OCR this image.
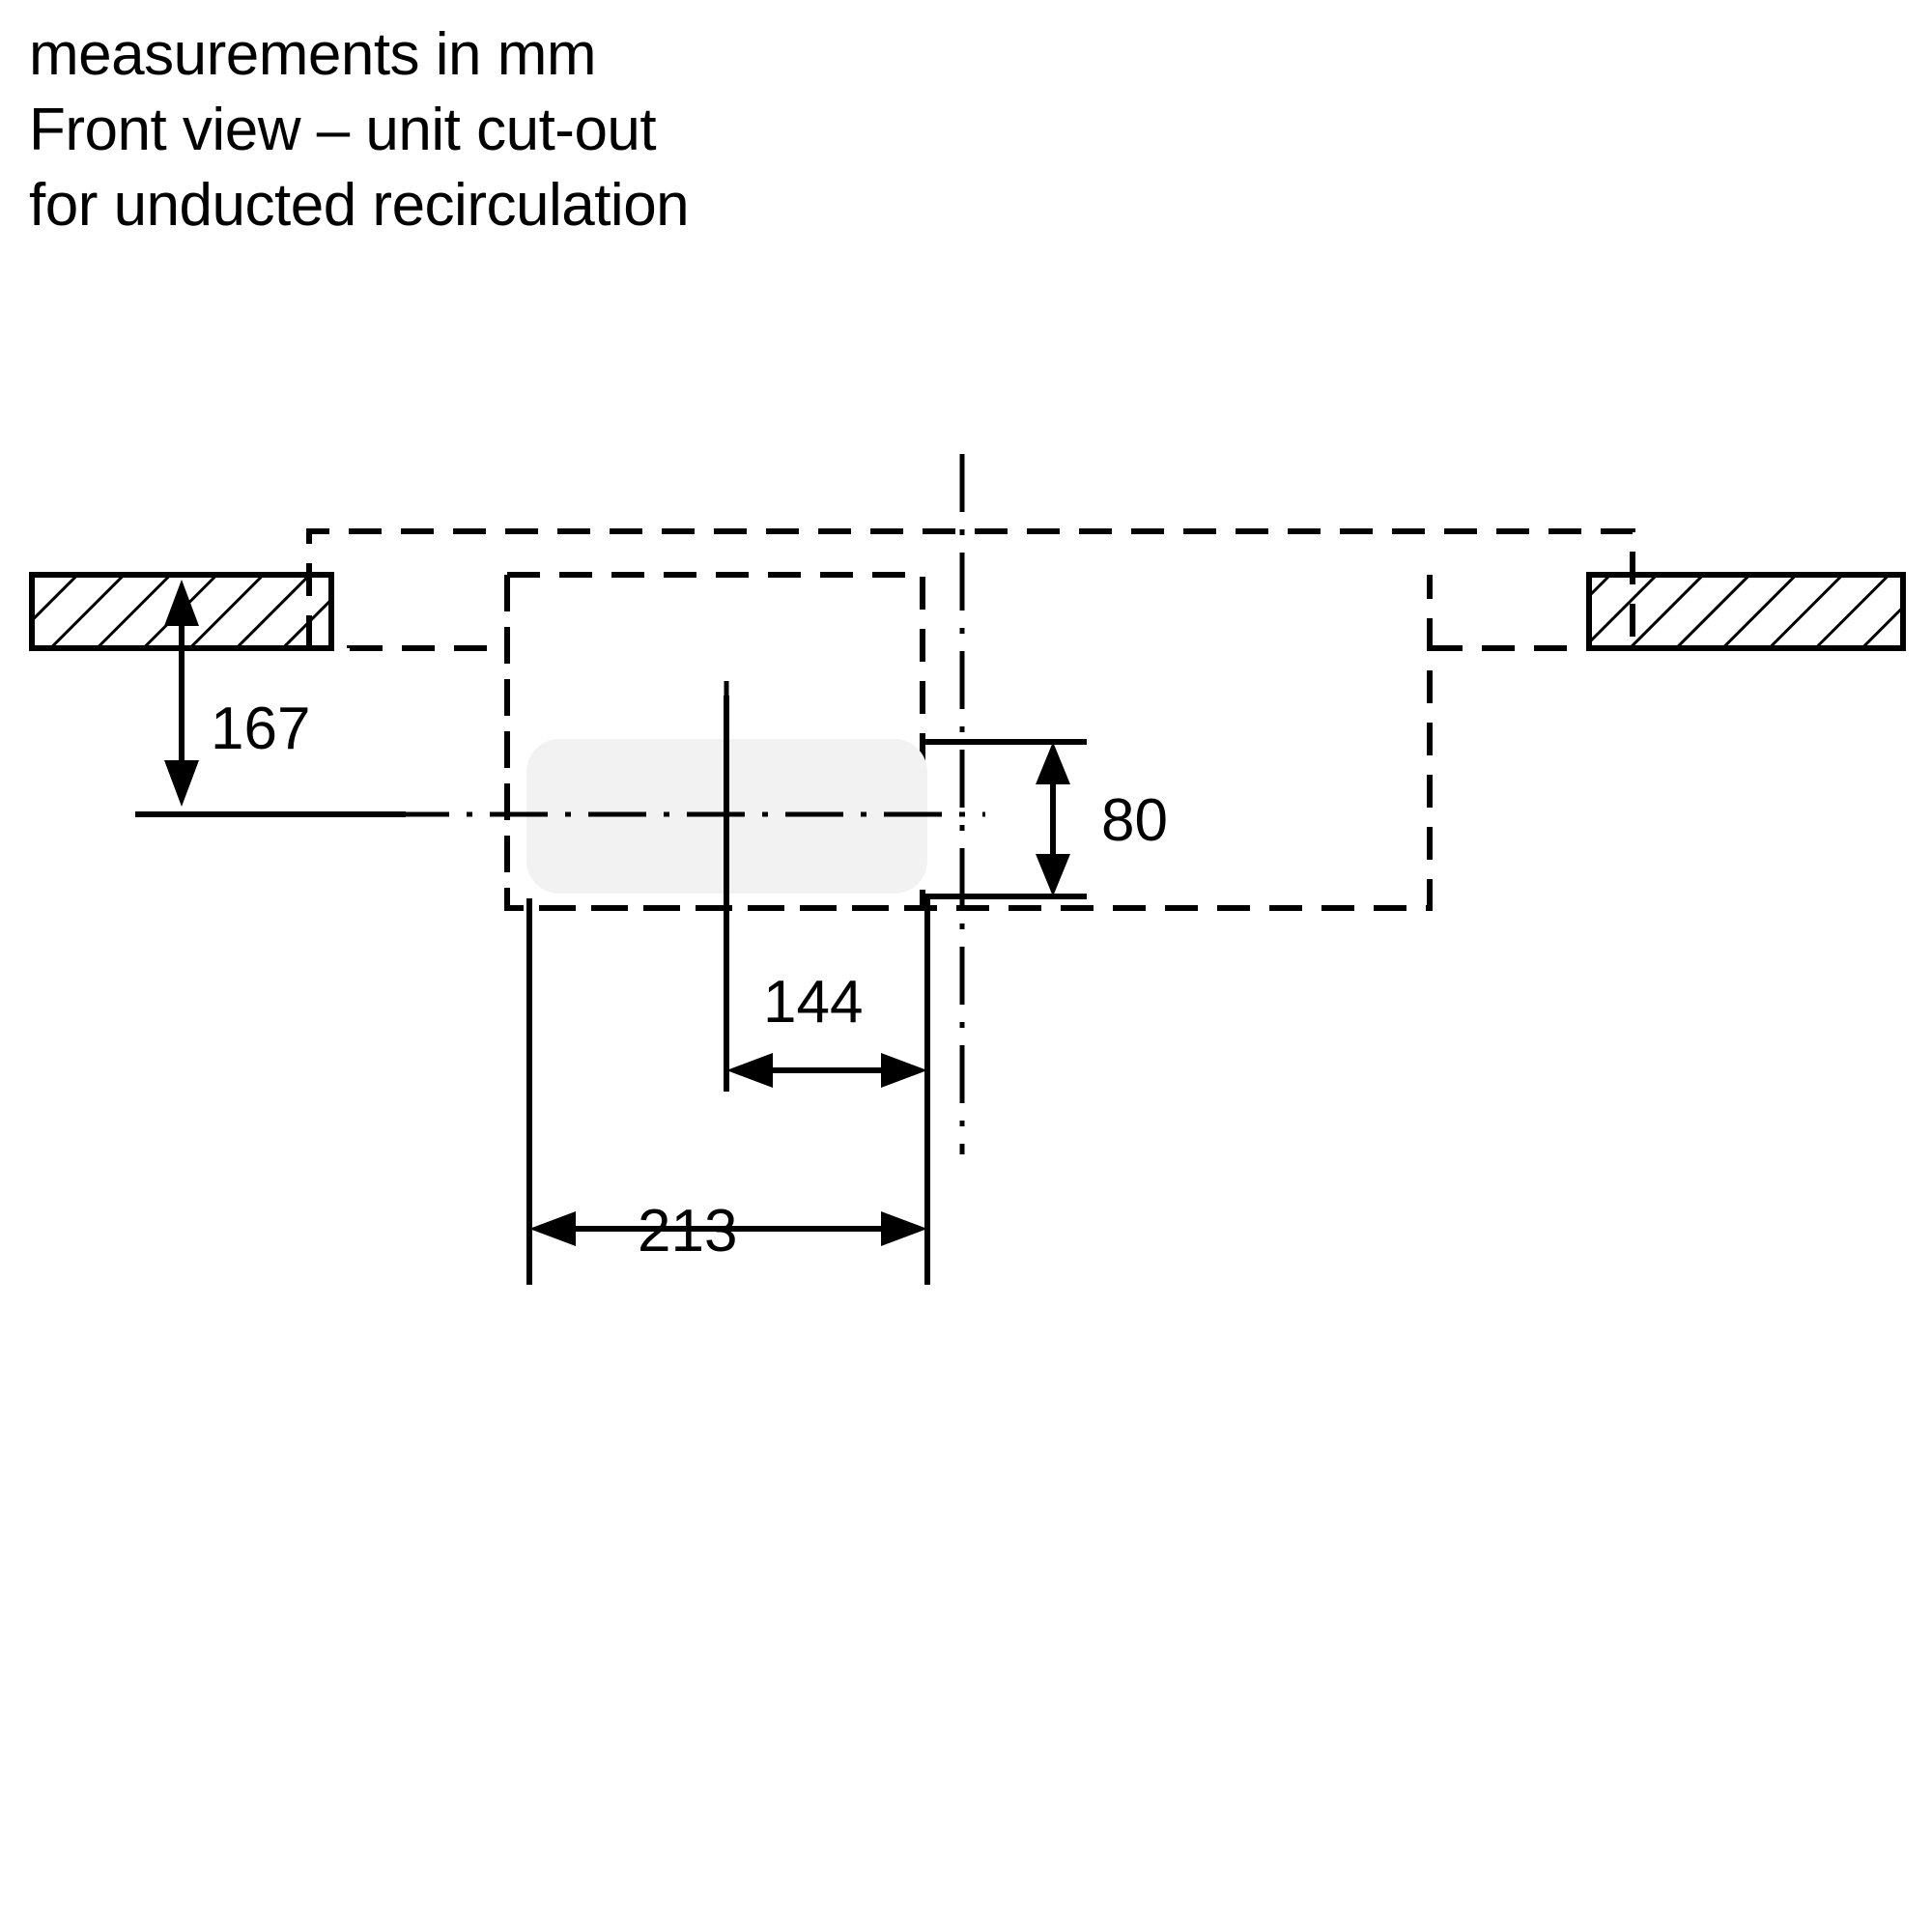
measurements in mm
Front view – unit cut-out
for unducted recirculation
167
80
144
213
